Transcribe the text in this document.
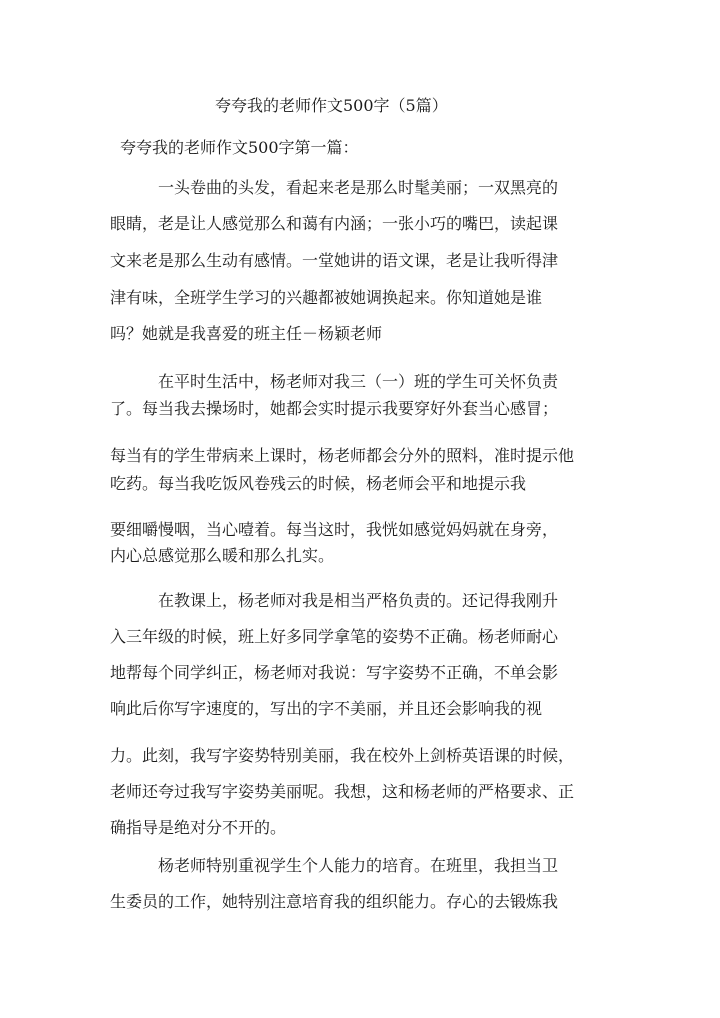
夸夸我的老师作文500字（5篇）
夸夸我的老师作文500字第一篇：
一头卷曲的头发，看起来老是那么时髦美丽；一双黑亮的
眼睛，老是让人感觉那么和蔼有内涵；一张小巧的嘴巴，读起课
文来老是那么生动有感情。一堂她讲的语文课，老是让我听得津
津有味，全班学生学习的兴趣都被她调换起来。你知道她是谁
吗？她就是我喜爱的班主任－杨颖老师
在平时生活中，杨老师对我三（一）班的学生可关怀负责
了。每当我去操场时，她都会实时提示我要穿好外套当心感冒；
每当有的学生带病来上课时，杨老师都会分外的照料，准时提示他
吃药。每当我吃饭风卷残云的时候，杨老师会平和地提示我
要细嚼慢咽，当心噎着。每当这时，我恍如感觉妈妈就在身旁，
内心总感觉那么暖和那么扎实。
在教课上，杨老师对我是相当严格负责的。还记得我刚升
入三年级的时候，班上好多同学拿笔的姿势不正确。杨老师耐心
地帮每个同学纠正，杨老师对我说：写字姿势不正确，不单会影
响此后你写字速度的，写出的字不美丽，并且还会影响我的视
力。此刻，我写字姿势特别美丽，我在校外上剑桥英语课的时候，
老师还夸过我写字姿势美丽呢。我想，这和杨老师的严格要求、正
确指导是绝对分不开的。
杨老师特别重视学生个人能力的培育。在班里，我担当卫
生委员的工作，她特别注意培育我的组织能力。存心的去锻炼我
